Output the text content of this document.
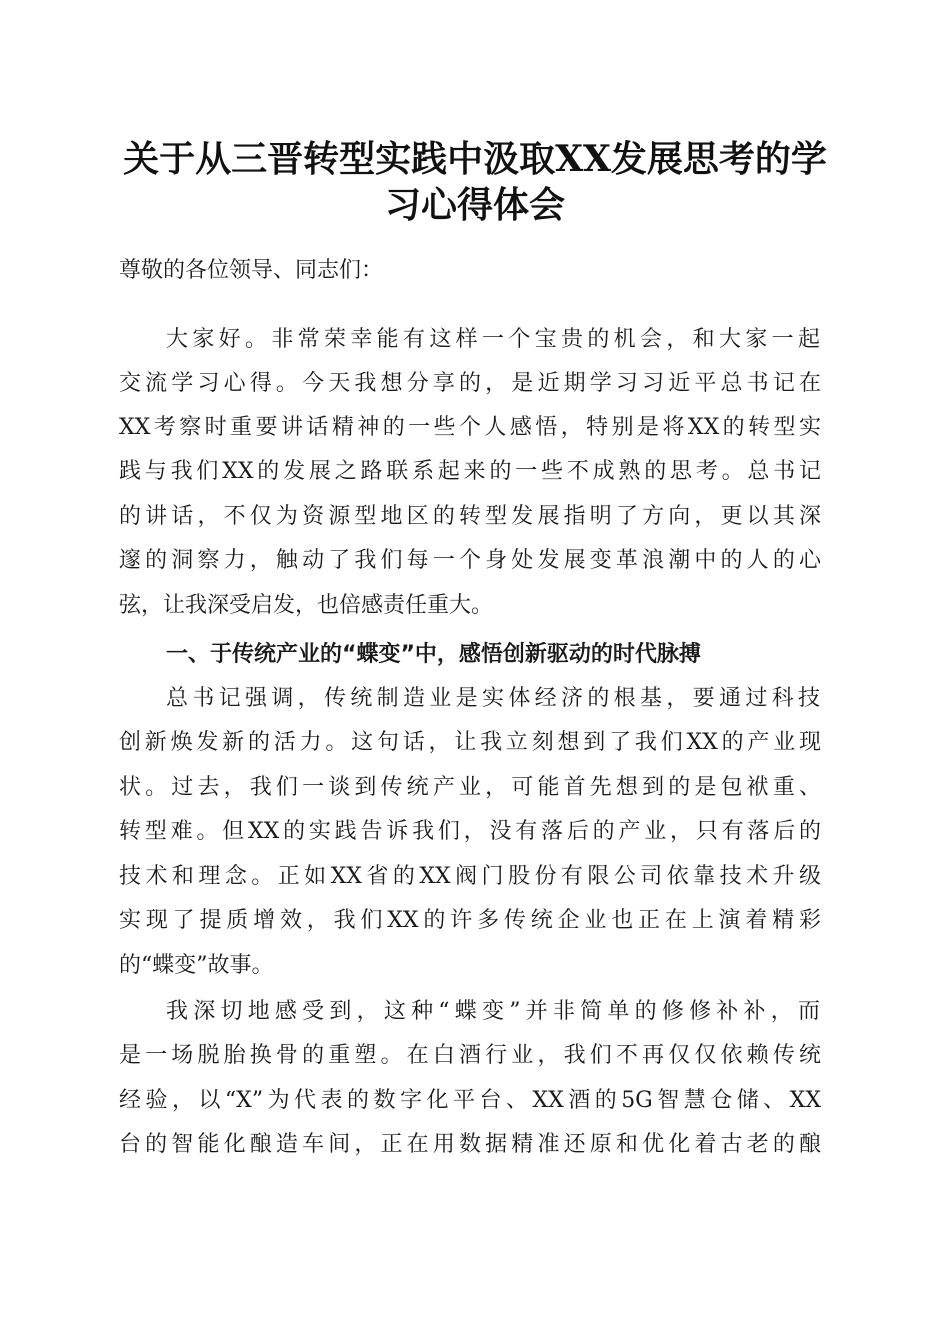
关于从三晋转型实践中汲取XX发展思考的学
习心得体会
尊敬的各位领导、同志们：
大家好。非常荣幸能有这样一个宝贵的机会，和大家一起
交流学习心得。今天我想分享的，是近期学习习近平总书记在
XX考察时重要讲话精神的一些个人感悟，特别是将XX的转型实
践与我们XX的发展之路联系起来的一些不成熟的思考。总书记
的讲话，不仅为资源型地区的转型发展指明了方向，更以其深
邃的洞察力，触动了我们每一个身处发展变革浪潮中的人的心
弦，让我深受启发，也倍感责任重大。
一、于传统产业的“蝶变”中，感悟创新驱动的时代脉搏
总书记强调，传统制造业是实体经济的根基，要通过科技
创新焕发新的活力。这句话，让我立刻想到了我们XX的产业现
状。过去，我们一谈到传统产业，可能首先想到的是包袱重、
转型难。但XX的实践告诉我们，没有落后的产业，只有落后的
技术和理念。正如XX省的XX阀门股份有限公司依靠技术升级
实现了提质增效，我们XX的许多传统企业也正在上演着精彩
的“蝶变”故事。
我深切地感受到，这种“蝶变”并非简单的修修补补，而
是一场脱胎换骨的重塑。在白酒行业，我们不再仅仅依赖传统
经验，以“X”为代表的数字化平台、XX酒的5G智慧仓储、XX
台的智能化酿造车间，正在用数据精准还原和优化着古老的酿
